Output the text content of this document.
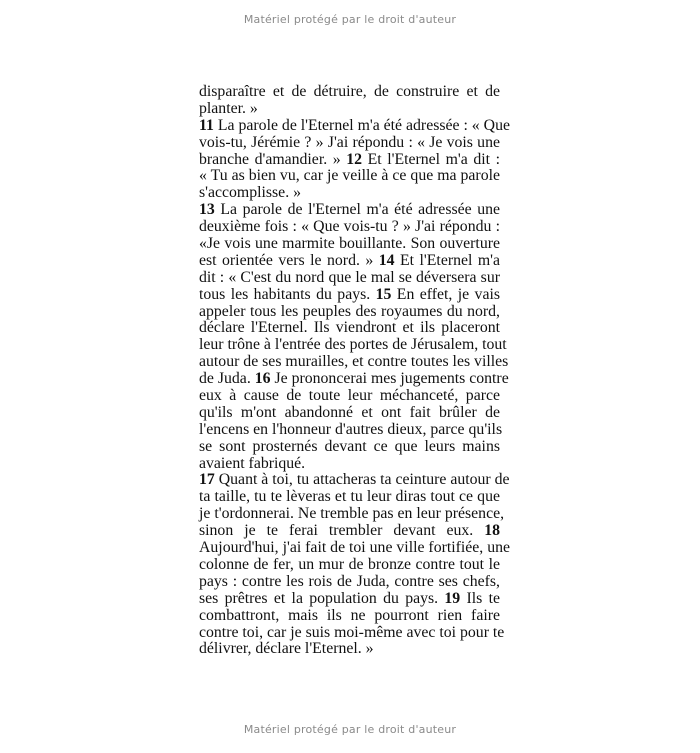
Matériel protégé par le droit d'auteur
disparaître et de détruire, de construire et de
planter. »
11 La parole de l'Eternel m'a été adressée : « Que
vois-tu, Jérémie ? » J'ai répondu : « Je vois une
branche d'amandier. » 12 Et l'Eternel m'a dit :
« Tu as bien vu, car je veille à ce que ma parole
s'accomplisse. »
13 La parole de l'Eternel m'a été adressée une
deuxième fois : « Que vois-tu ? » J'ai répondu :
«Je vois une marmite bouillante. Son ouverture
est orientée vers le nord. » 14 Et l'Eternel m'a
dit : « C'est du nord que le mal se déversera sur
tous les habitants du pays. 15 En effet, je vais
appeler tous les peuples des royaumes du nord,
déclare l'Eternel. Ils viendront et ils placeront
leur trône à l'entrée des portes de Jérusalem, tout
autour de ses murailles, et contre toutes les villes
de Juda. 16 Je prononcerai mes jugements contre
eux à cause de toute leur méchanceté, parce
qu'ils m'ont abandonné et ont fait brûler de
l'encens en l'honneur d'autres dieux, parce qu'ils
se sont prosternés devant ce que leurs mains
avaient fabriqué.
17 Quant à toi, tu attacheras ta ceinture autour de
ta taille, tu te lèveras et tu leur diras tout ce que
je t'ordonnerai. Ne tremble pas en leur présence,
sinon je te ferai trembler devant eux. 18
Aujourd'hui, j'ai fait de toi une ville fortifiée, une
colonne de fer, un mur de bronze contre tout le
pays : contre les rois de Juda, contre ses chefs,
ses prêtres et la population du pays. 19 Ils te
combattront, mais ils ne pourront rien faire
contre toi, car je suis moi-même avec toi pour te
délivrer, déclare l'Eternel. »
Matériel protégé par le droit d'auteur
